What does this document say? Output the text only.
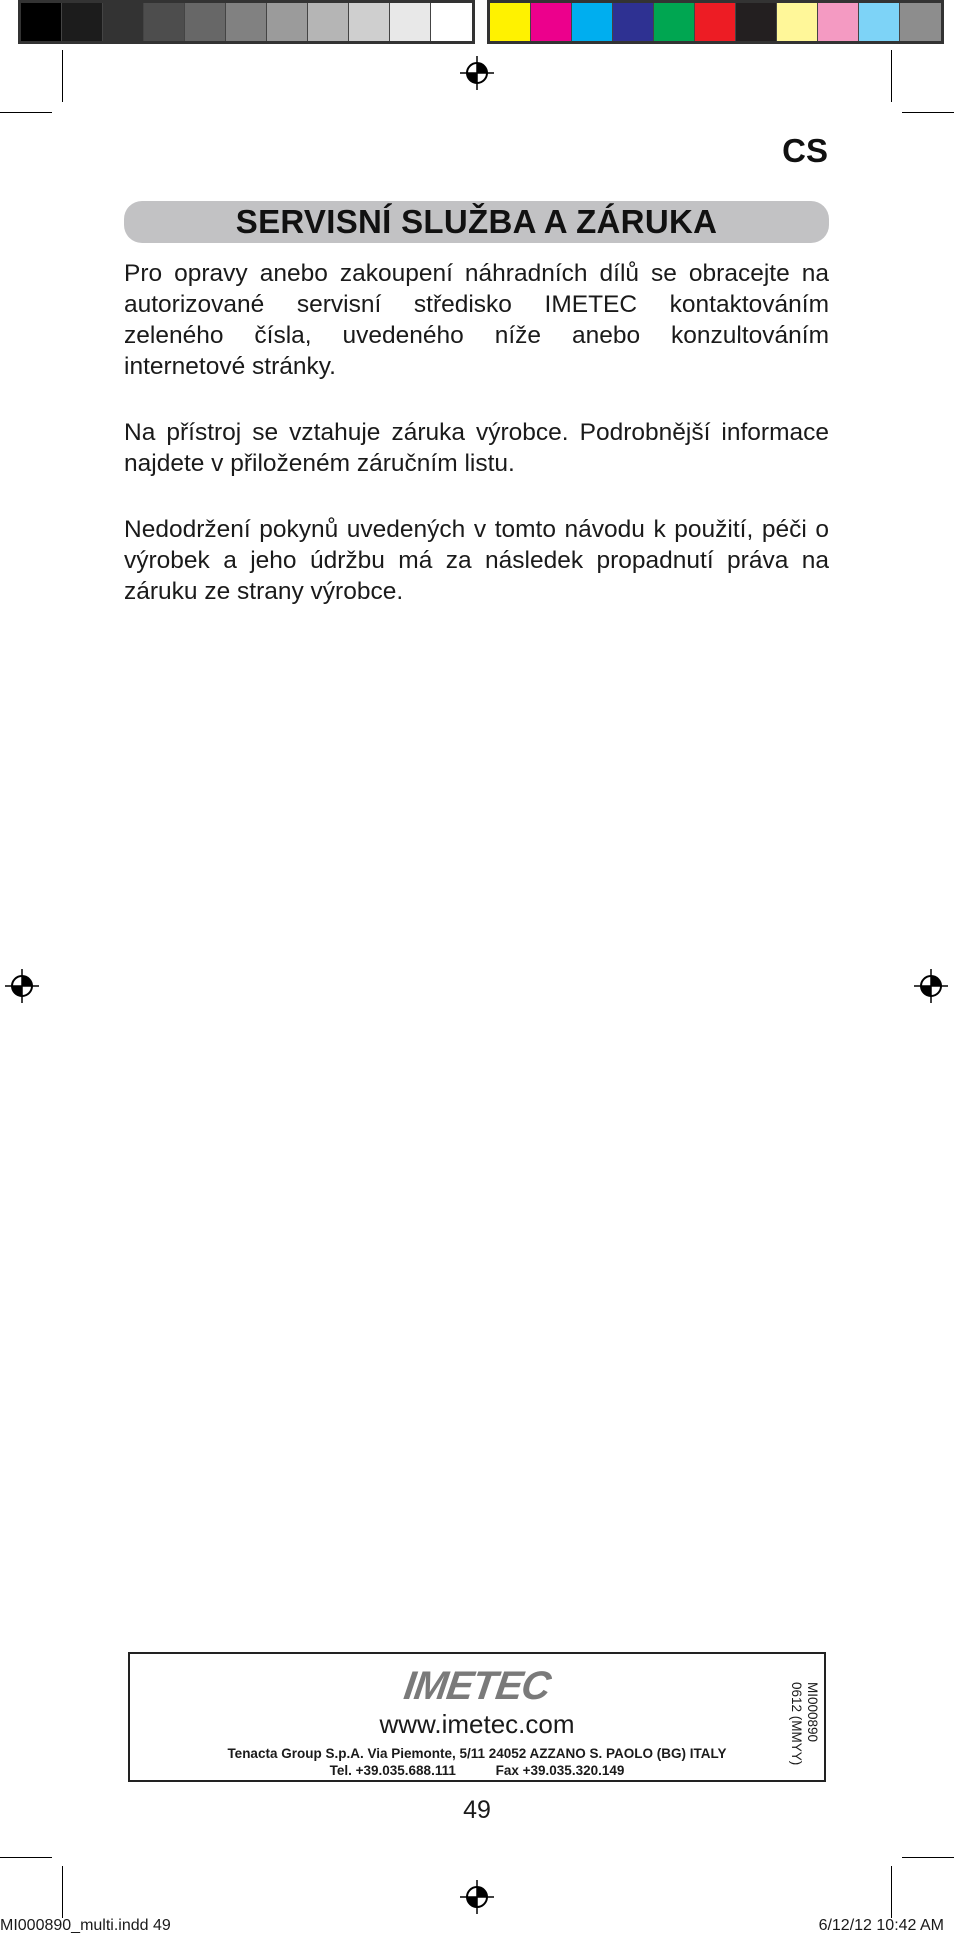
CS
SERVISNÍ SLUŽBA A ZÁRUKA

Pro opravy anebo zakoupení náhradních dílů se obracejte na autorizované servisní středisko IMETEC kontaktováním zeleného čísla, uvedeného níže anebo konzultováním internetové stránky.

Na přístroj se vztahuje záruka výrobce. Podrobnější informace najdete v přiloženém záručním listu.

Nedodržení pokynů uvedených v tomto návodu k použití, péči o výrobek a jeho údržbu má za následek propadnutí práva na záruku ze strany výrobce.

IMETEC
www.imetec.com
Tenacta Group S.p.A. Via Piemonte, 5/11 24052 AZZANO S. PAOLO (BG) ITALY
Tel. +39.035.688.111	Fax +39.035.320.149
MI000890
0612 (MMYY)
49
MI000890_multi.indd 49	6/12/12 10:42 AM
